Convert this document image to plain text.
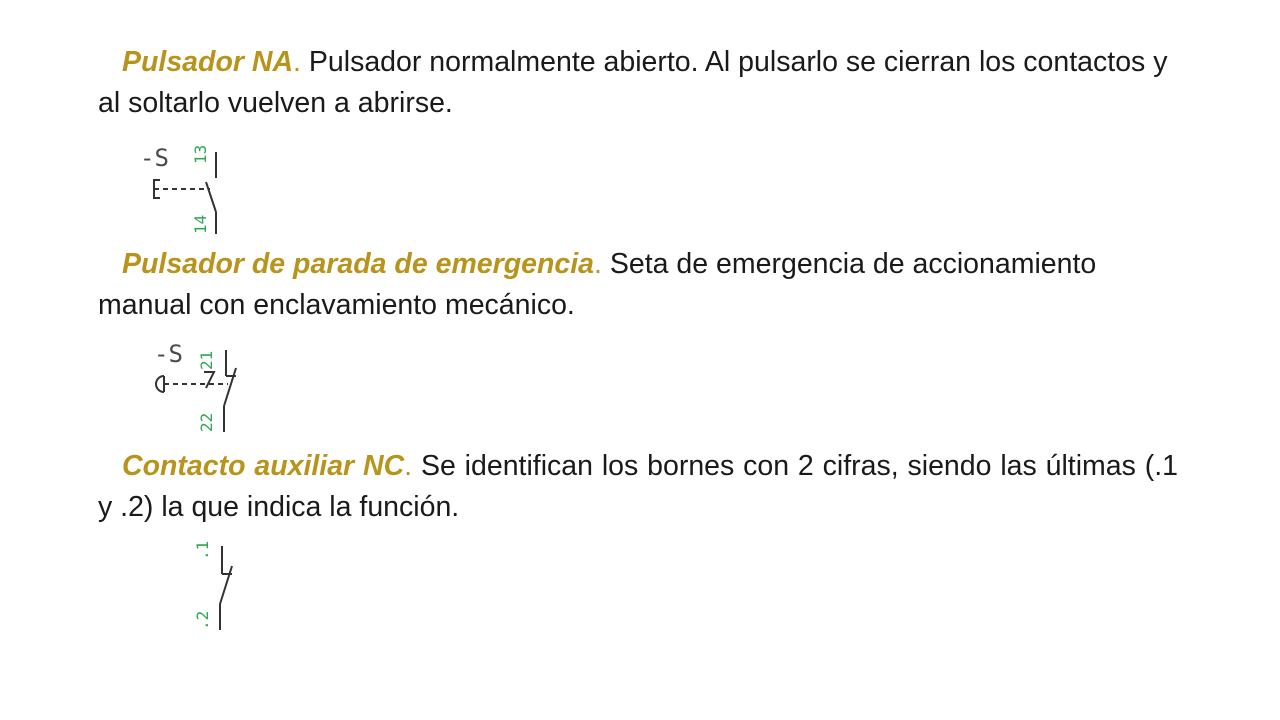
Pulsador NA. Pulsador normalmente abierto. Al pulsarlo se cierran los contactos y al soltarlo vuelven a abrirse.

-S 13
14

Pulsador de parada de emergencia. Seta de emergencia de accionamiento manual con enclavamiento mecánico.

-S 21
22

Contacto auxiliar NC. Se identifican los bornes con 2 cifras, siendo las últimas (.1 y .2) la que indica la función.

.1
.2
